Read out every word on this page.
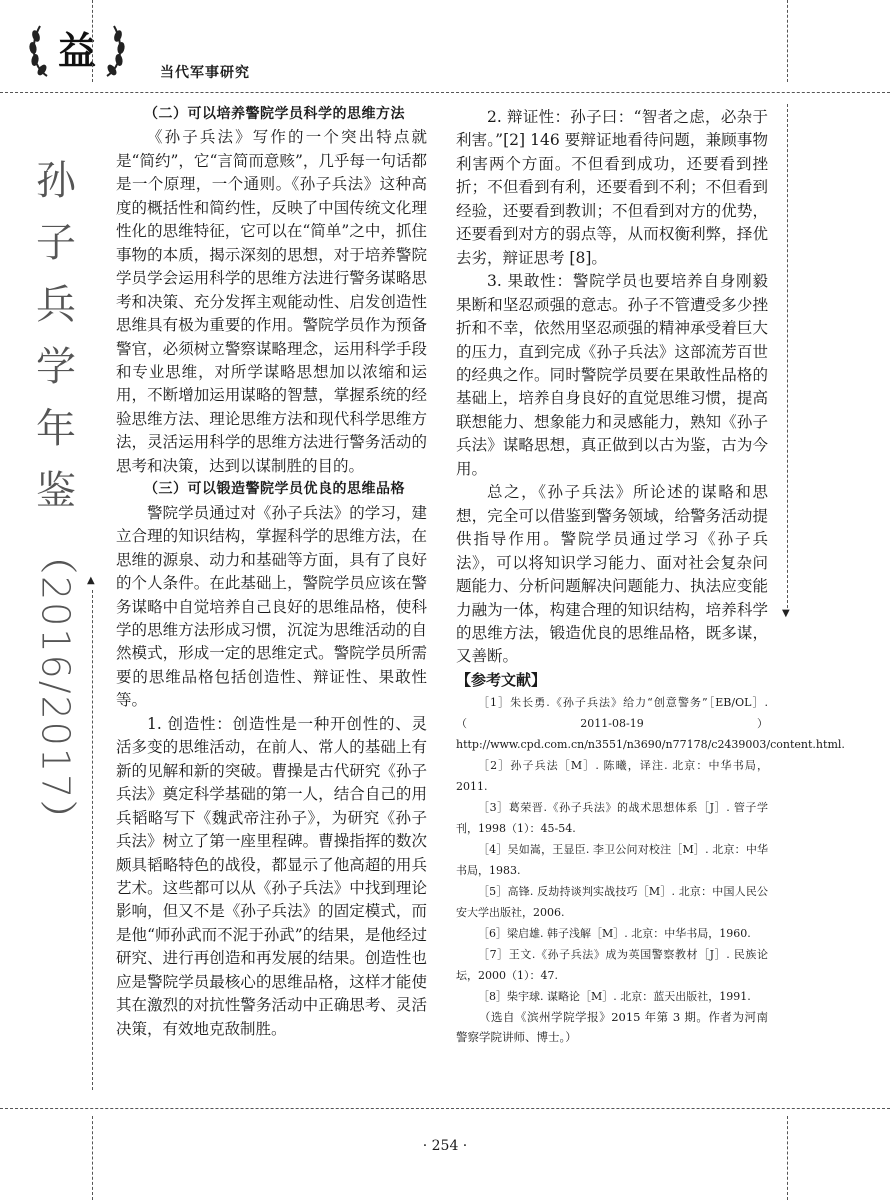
益	当代军事研究
▲
▼
孙
子
兵
学
年
鉴
（2016/2017）

（二）可以培养警院学员科学的思维方法

《孙子兵法》写作的一个突出特点就是“简约”，它“言简而意赅”，几乎每一句话都是一个原理，一个通则。《孙子兵法》这种高度的概括性和简约性，反映了中国传统文化理性化的思维特征，它可以在“简单”之中，抓住事物的本质，揭示深刻的思想，对于培养警院学员学会运用科学的思维方法进行警务谋略思考和决策、充分发挥主观能动性、启发创造性思维具有极为重要的作用。警院学员作为预备警官，必须树立警察谋略理念，运用科学手段和专业思维，对所学谋略思想加以浓缩和运用，不断增加运用谋略的智慧，掌握系统的经验思维方法、理论思维方法和现代科学思维方法，灵活运用科学的思维方法进行警务活动的思考和决策，达到以谋制胜的目的。

（三）可以锻造警院学员优良的思维品格

警院学员通过对《孙子兵法》的学习，建立合理的知识结构，掌握科学的思维方法，在思维的源泉、动力和基础等方面，具有了良好的个人条件。在此基础上，警院学员应该在警务谋略中自觉培养自己良好的思维品格，使科学的思维方法形成习惯，沉淀为思维活动的自然模式，形成一定的思维定式。警院学员所需要的思维品格包括创造性、辩证性、果敢性等。

1. 创造性：创造性是一种开创性的、灵活多变的思维活动，在前人、常人的基础上有新的见解和新的突破。曹操是古代研究《孙子兵法》奠定科学基础的第一人，结合自己的用兵韬略写下《魏武帝注孙子》，为研究《孙子兵法》树立了第一座里程碑。曹操指挥的数次颇具韬略特色的战役，都显示了他高超的用兵艺术。这些都可以从《孙子兵法》中找到理论影响，但又不是《孙子兵法》的固定模式，而是他“师孙武而不泥于孙武”的结果，是他经过研究、进行再创造和再发展的结果。创造性也应是警院学员最核心的思维品格，这样才能使其在激烈的对抗性警务活动中正确思考、灵活决策，有效地克敌制胜。

2. 辩证性：孙子曰：“智者之虑，必杂于利害。”[2] 146 要辩证地看待问题，兼顾事物利害两个方面。不但看到成功，还要看到挫折；不但看到有利，还要看到不利；不但看到经验，还要看到教训；不但看到对方的优势，还要看到对方的弱点等，从而权衡利弊，择优去劣，辩证思考 [8]。

3. 果敢性：警院学员也要培养自身刚毅果断和坚忍顽强的意志。孙子不管遭受多少挫折和不幸，依然用坚忍顽强的精神承受着巨大的压力，直到完成《孙子兵法》这部流芳百世的经典之作。同时警院学员要在果敢性品格的基础上，培养自身良好的直觉思维习惯，提高联想能力、想象能力和灵感能力，熟知《孙子兵法》谋略思想，真正做到以古为鉴，古为今用。

总之，《孙子兵法》所论述的谋略和思想，完全可以借鉴到警务领域，给警务活动提供指导作用。警院学员通过学习《孙子兵法》，可以将知识学习能力、面对社会复杂问题能力、分析问题解决问题能力、执法应变能力融为一体，构建合理的知识结构，培养科学的思维方法，锻造优良的思维品格，既多谋，又善断。

【参考文献】

［1］朱长勇.《孙子兵法》给力“创意警务”［EB/OL］.（2011-08-19）http://www.cpd.com.cn/n3551/n3690/n77178/c2439003/content.html.

［2］孙子兵法［M］. 陈曦，译注. 北京：中华书局，2011.

［3］葛荣晋.《孙子兵法》的战术思想体系［J］. 管子学刊，1998（1）：45-54.

［4］吴如嵩，王显臣. 李卫公问对校注［M］. 北京：中华书局，1983.

［5］高锋. 反劫持谈判实战技巧［M］. 北京：中国人民公安大学出版社，2006.

［6］梁启雄. 韩子浅解［M］. 北京：中华书局，1960.

［7］王文.《孙子兵法》成为英国警察教材［J］. 民族论坛，2000（1）：47.

［8］柴宇球. 谋略论［M］. 北京：蓝天出版社，1991.

（选自《滨州学院学报》2015 年第 3 期。作者为河南警察学院讲师、博士。）

· 254 ·
